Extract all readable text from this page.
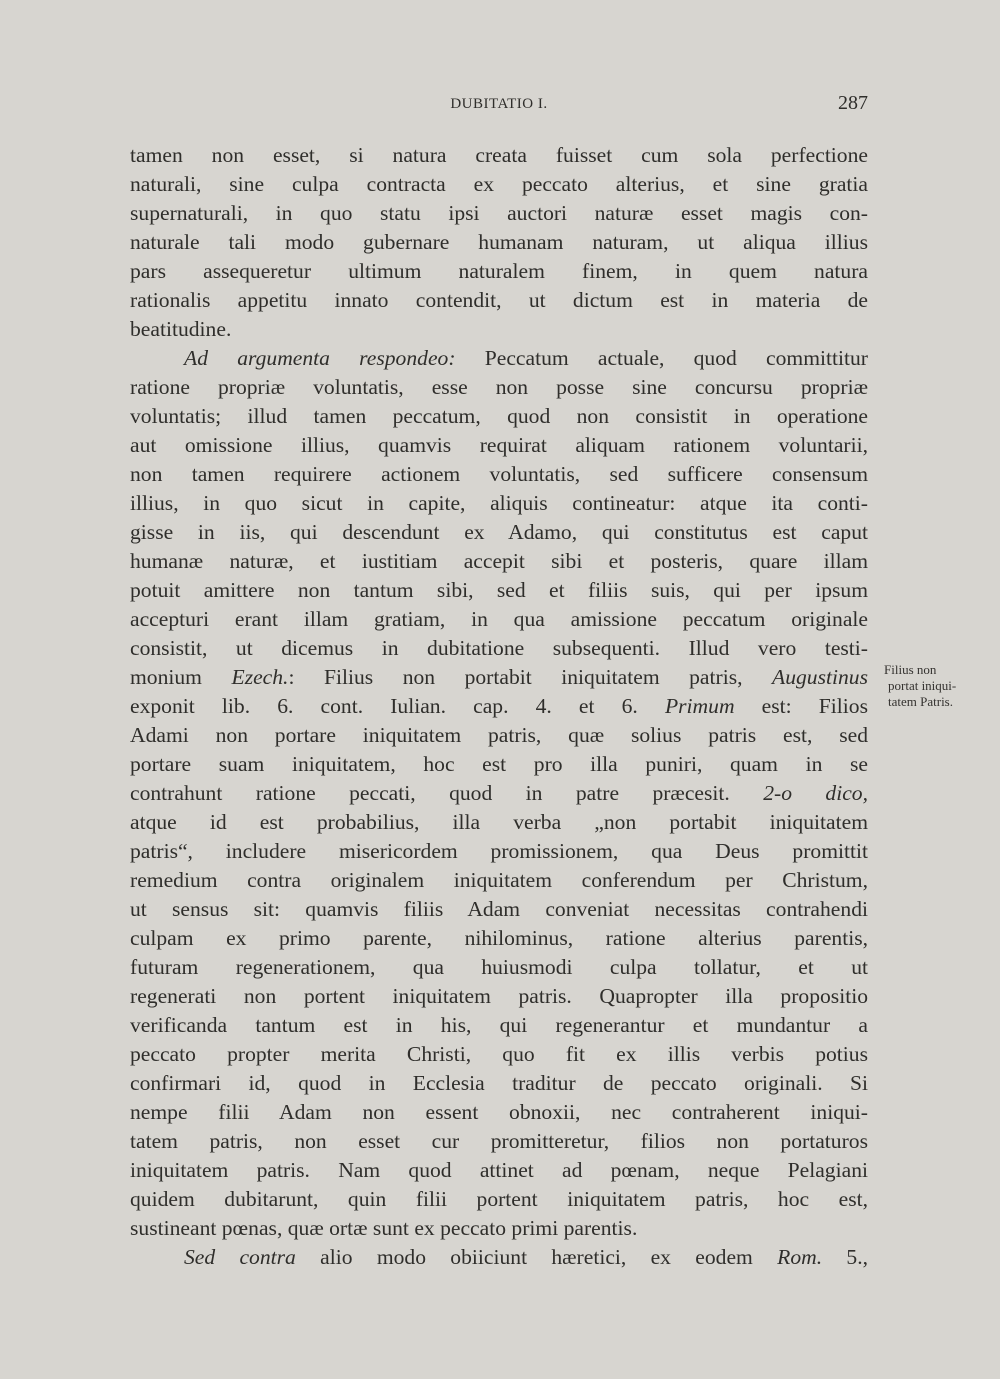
DUBITATIO I.	287
tamen non esset, si natura creata fuisset cum sola perfectione
naturali, sine culpa contracta ex peccato alterius, et sine gratia
supernaturali, in quo statu ipsi auctori naturæ esset magis con-
naturale tali modo gubernare humanam naturam, ut aliqua illius
pars assequeretur ultimum naturalem finem, in quem natura
rationalis appetitu innato contendit, ut dictum est in materia de
beatitudine.
Ad argumenta respondeo: Peccatum actuale, quod committitur
ratione propriæ voluntatis, esse non posse sine concursu propriæ
voluntatis; illud tamen peccatum, quod non consistit in operatione
aut omissione illius, quamvis requirat aliquam rationem voluntarii,
non tamen requirere actionem voluntatis, sed sufficere consensum
illius, in quo sicut in capite, aliquis contineatur: atque ita conti-
gisse in iis, qui descendunt ex Adamo, qui constitutus est caput
humanæ naturæ, et iustitiam accepit sibi et posteris, quare illam
potuit amittere non tantum sibi, sed et filiis suis, qui per ipsum
accepturi erant illam gratiam, in qua amissione peccatum originale
consistit, ut dicemus in dubitatione subsequenti. Illud vero testi-
monium Ezech.: Filius non portabit iniquitatem patris, Augustinus
exponit lib. 6. cont. Iulian. cap. 4. et 6. Primum est: Filios
Adami non portare iniquitatem patris, quæ solius patris est, sed
portare suam iniquitatem, hoc est pro illa puniri, quam in se
contrahunt ratione peccati, quod in patre præcesit. 2-o dico,
atque id est probabilius, illa verba „non portabit iniquitatem
patris“, includere misericordem promissionem, qua Deus promittit
remedium contra originalem iniquitatem conferendum per Christum,
ut sensus sit: quamvis filiis Adam conveniat necessitas contrahendi
culpam ex primo parente, nihilominus, ratione alterius parentis,
futuram regenerationem, qua huiusmodi culpa tollatur, et ut
regenerati non portent iniquitatem patris. Quapropter illa propositio
verificanda tantum est in his, qui regenerantur et mundantur a
peccato propter merita Christi, quo fit ex illis verbis potius
confirmari id, quod in Ecclesia traditur de peccato originali. Si
nempe filii Adam non essent obnoxii, nec contraherent iniqui-
tatem patris, non esset cur promitteretur, filios non portaturos
iniquitatem patris. Nam quod attinet ad pœnam, neque Pelagiani
quidem dubitarunt, quin filii portent iniquitatem patris, hoc est,
sustineant pœnas, quæ ortæ sunt ex peccato primi parentis.
Sed contra alio modo obiiciunt hæretici, ex eodem Rom. 5.,
Filius non
portat iniqui-
tatem Patris.
